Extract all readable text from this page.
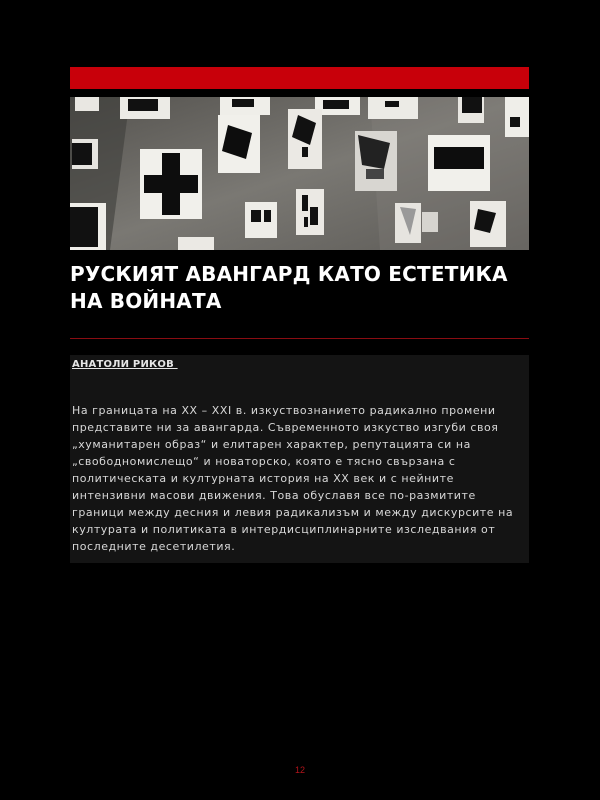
РУСКИЯТ АВАНГАРД КАТО ЕСТЕТИКА НА ВОЙНАТА
АНАТОЛИ РИКОВ

На границата на ХХ – ХХI в. изкуствознанието радикално промени представите ни за авангарда. Съвременното изкуство изгуби своя „хуманитарен образ“ и елитарен характер, репутацията си на „свободномислещо“ и новаторско, която е тясно свързана с политическата и културната история на ХХ век и с нейните интензивни масови движения. Това обуславя все по-размитите граници между десния и левия радикализъм и между дискурсите на културата и политиката в интердисциплинарните изследвания от последните десетилетия.

12
